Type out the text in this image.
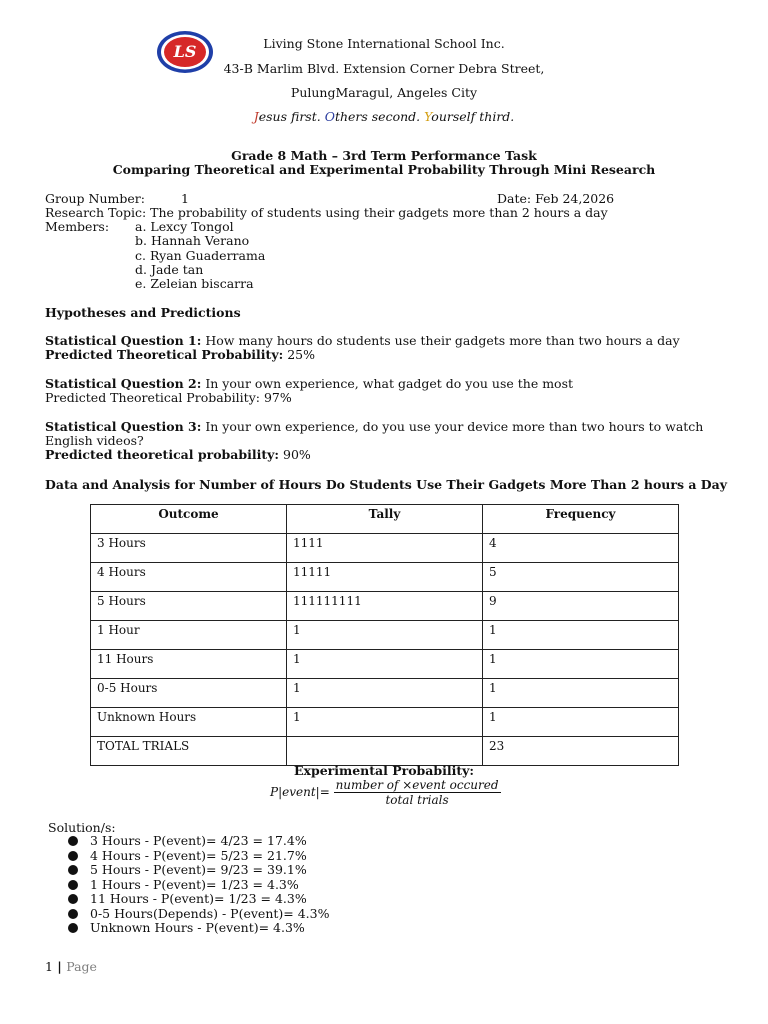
LS	Living Stone International School Inc.
43-B Marlim Blvd. Extension Corner Debra Street,
PulungMaragul, Angeles City
Jesus first. Others second. Yourself third.
Grade 8 Math – 3rd Term Performance Task
Comparing Theoretical and Experimental Probability Through Mini Research
Group Number:	1	Date: Feb 24,2026
Research Topic: The probability of students using their gadgets more than 2 hours a day
Members: a. Lexcy Tongol
b. Hannah Verano
c. Ryan Guaderrama
d. Jade tan
e. Zeleian biscarra
Hypotheses and Predictions
Statistical Question 1: How many hours do students use their gadgets more than two hours a day
Predicted Theoretical Probability: 25%
Statistical Question 2: In your own experience, what gadget do you use the most
Predicted Theoretical Probability: 97%
Statistical Question 3: In your own experience, do you use your device more than two hours to watch
English videos?
Predicted theoretical probability: 90%
Data and Analysis for Number of Hours Do Students Use Their Gadgets More Than 2 hours a Day
Outcome	Tally	Frequency
3 Hours	1111	4
4 Hours	11111	5
5 Hours	111111111	9
1 Hour	1	1
11 Hours	1	1
0-5 Hours	1	1
Unknown Hours	1	1
TOTAL TRIALS		23
Experimental Probability:
P|event|= $\frac{\text{number of ×event occured}}{\text{total trials}}$
Solution/s:
3 Hours - P(event)= 4/23 = 17.4%
4 Hours - P(event)= 5/23 = 21.7%
5 Hours - P(event)= 9/23 = 39.1%
1 Hours - P(event)= 1/23 = 4.3%
11 Hours - P(event)= 1/23 = 4.3%
0-5 Hours(Depends) - P(event)= 4.3%
Unknown Hours - P(event)= 4.3%
1 | Page
